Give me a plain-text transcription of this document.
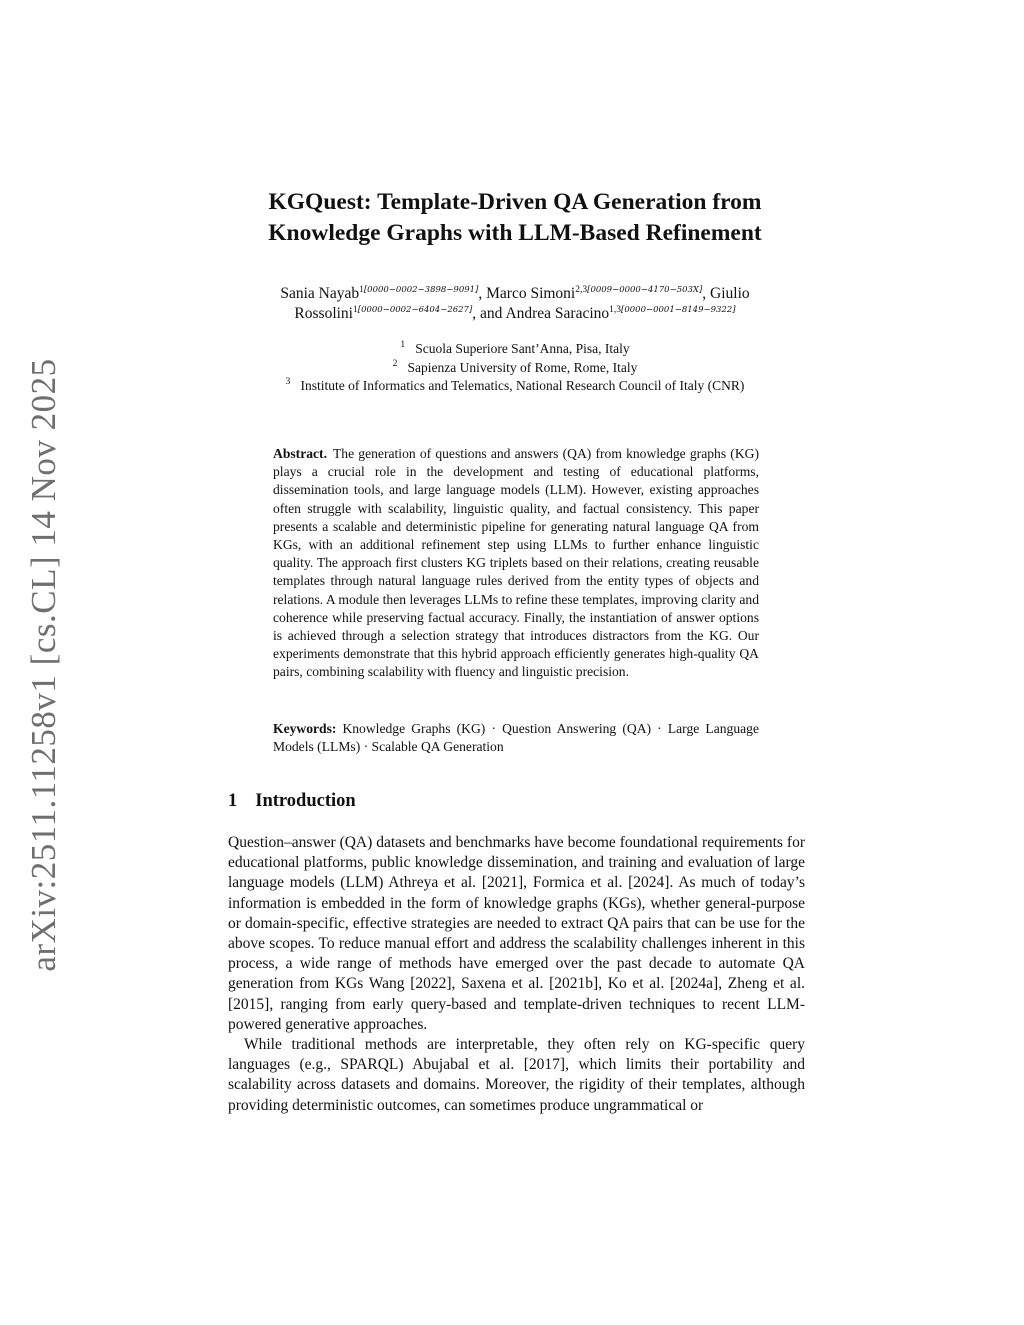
arXiv:2511.11258v1 [cs.CL] 14 Nov 2025
KGQuest: Template-Driven QA Generation from
Knowledge Graphs with LLM-Based Refinement
Sania Nayab$^{1[0000-0002-3898-9091]}$, Marco Simoni$^{2,3[0009-0000-4170-503X]}$, Giulio
Rossolini$^{1[0000-0002-6404-2627]}$, and Andrea Saracino$^{1,3[0000-0001-8149-9322]}$
$^1$ Scuola Superiore Sant’Anna, Pisa, Italy
$^2$ Sapienza University of Rome, Rome, Italy
$^3$ Institute of Informatics and Telematics, National Research Council of Italy (CNR)

Abstract. The generation of questions and answers (QA) from knowledge graphs (KG) plays a crucial role in the development and testing of educational platforms, dissemination tools, and large language models (LLM). However, existing approaches often struggle with scalability, linguistic quality, and factual consistency. This paper presents a scalable and deterministic pipeline for generating natural language QA from KGs, with an additional refinement step using LLMs to further enhance linguistic quality. The approach first clusters KG triplets based on their relations, creating reusable templates through natural language rules derived from the entity types of objects and relations. A module then leverages LLMs to refine these templates, improving clarity and coherence while preserving factual accuracy. Finally, the instantiation of answer options is achieved through a selection strategy that introduces distractors from the KG. Our experiments demonstrate that this hybrid approach efficiently generates high-quality QA pairs, combining scalability with fluency and linguistic precision.

Keywords: Knowledge Graphs (KG) · Question Answering (QA) · Large Language Models (LLMs) · Scalable QA Generation

1 Introduction

Question–answer (QA) datasets and benchmarks have become foundational requirements for educational platforms, public knowledge dissemination, and training and evaluation of large language models (LLM) Athreya et al. [2021], Formica et al. [2024]. As much of today’s information is embedded in the form of knowledge graphs (KGs), whether general-purpose or domain-specific, effective strategies are needed to extract QA pairs that can be use for the above scopes. To reduce manual effort and address the scalability challenges inherent in this process, a wide range of methods have emerged over the past decade to automate QA generation from KGs Wang [2022], Saxena et al. [2021b], Ko et al. [2024a], Zheng et al. [2015], ranging from early query-based and template-driven techniques to recent LLM-powered generative approaches.

While traditional methods are interpretable, they often rely on KG-specific query languages (e.g., SPARQL) Abujabal et al. [2017], which limits their portability and scalability across datasets and domains. Moreover, the rigidity of their templates, although providing deterministic outcomes, can sometimes produce ungrammatical or
